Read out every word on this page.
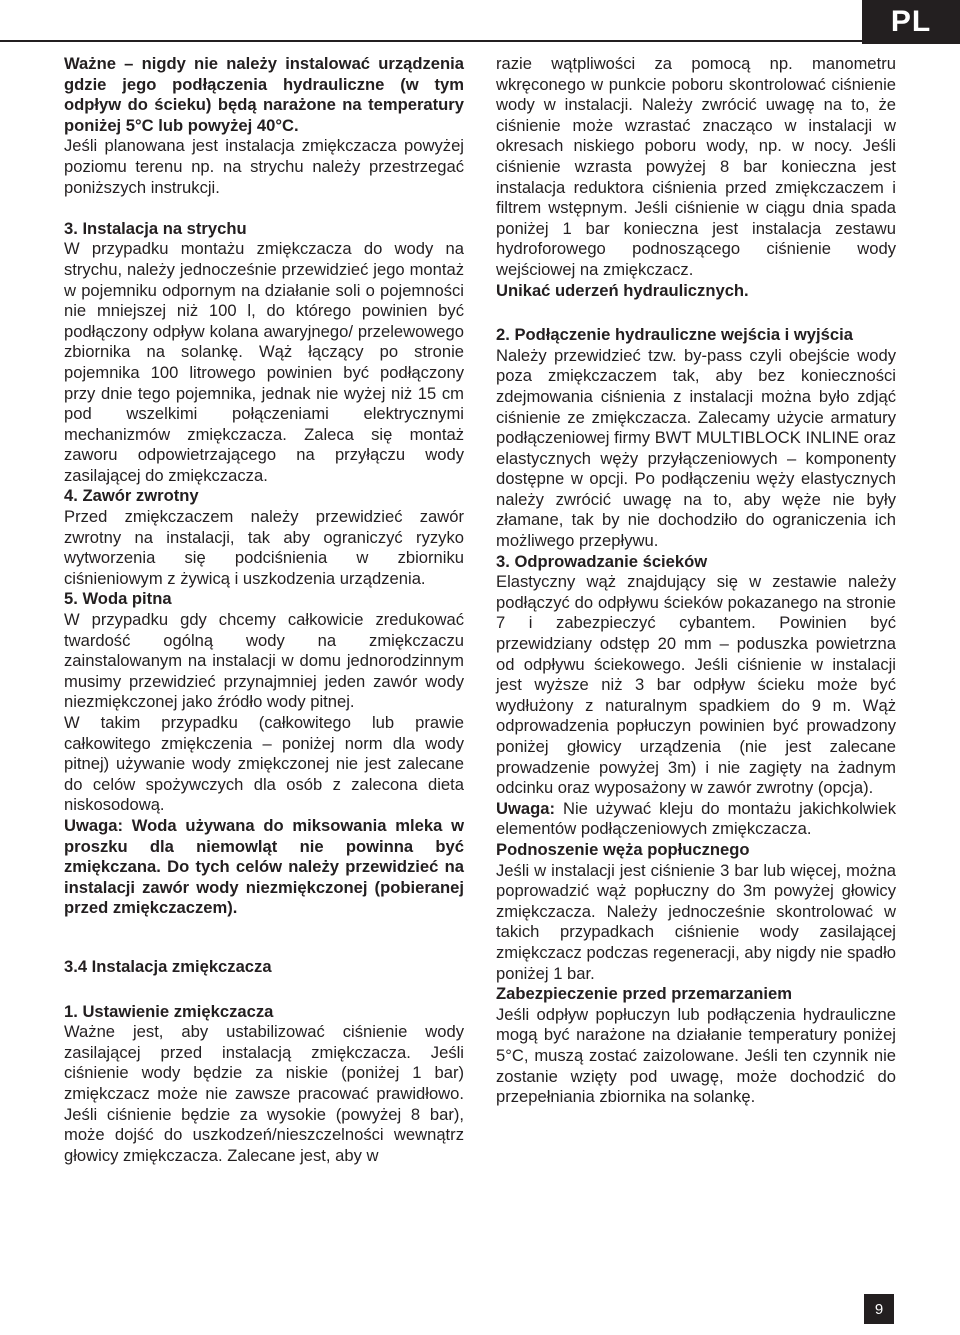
PL

Ważne – nigdy nie należy instalować urządzenia gdzie jego podłączenia hydrauliczne (w tym odpływ do ścieku) będą narażone na temperatury poniżej 5°C lub powyżej 40°C.

Jeśli planowana jest instalacja zmiękczacza powyżej poziomu terenu np. na strychu należy przestrzegać poniższych instrukcji.

3. Instalacja na strychu

W przypadku montażu zmiękczacza do wody na strychu, należy jednocześnie przewidzieć jego montaż w pojemniku odpornym na działanie soli o pojemności nie mniejszej niż 100 l, do którego powinien być podłączony odpływ kolana awaryjnego/ przelewowego zbiornika na solankę. Wąż łączący po stronie pojemnika 100 litrowego powinien być podłączony przy dnie tego pojemnika, jednak nie wyżej niż 15 cm pod wszelkimi połączeniami elektrycznymi mechanizmów zmiękczacza. Zaleca się montaż zaworu odpowietrzającego na przyłączu wody zasilającej do zmiękczacza.

4. Zawór zwrotny

Przed zmiękczaczem należy przewidzieć zawór zwrotny na instalacji, tak aby ograniczyć ryzyko wytworzenia się podciśnienia w zbiorniku ciśnieniowym z żywicą i uszkodzenia urządzenia.

5. Woda pitna

W przypadku gdy chcemy całkowicie zredukować twardość ogólną wody na zmiękczaczu zainstalowanym na instalacji w domu jednorodzinnym musimy przewidzieć przynajmniej jeden zawór wody niezmiękczonej jako źródło wody pitnej.

W takim przypadku (całkowitego lub prawie całkowitego zmiękczenia – poniżej norm dla wody pitnej) używanie wody zmiękczonej nie jest zalecane do celów spożywczych dla osób z zalecona dieta niskosodową.

Uwaga: Woda używana do miksowania mleka w proszku dla niemowląt nie powinna być zmiękczana. Do tych celów należy przewidzieć na instalacji zawór wody niezmiękczonej (pobieranej przed zmiękczaczem).

3.4 Instalacja zmiękczacza

1. Ustawienie zmiękczacza

Ważne jest, aby ustabilizować ciśnienie wody zasilającej przed instalacją zmiękczacza. Jeśli ciśnienie wody będzie za niskie (poniżej 1 bar) zmiękczacz może nie zawsze pracować prawidłowo. Jeśli ciśnienie będzie za wysokie (powyżej 8 bar), może dojść do uszkodzeń/nieszczelności wewnątrz głowicy zmiękczacza. Zalecane jest, aby w

razie wątpliwości za pomocą np. manometru wkręconego w punkcie poboru skontrolować ciśnienie wody w instalacji. Należy zwrócić uwagę na to, że ciśnienie może wzrastać znacząco w instalacji w okresach niskiego poboru wody, np. w nocy. Jeśli ciśnienie wzrasta powyżej 8 bar konieczna jest instalacja reduktora ciśnienia przed zmiękczaczem i filtrem wstępnym. Jeśli ciśnienie w ciągu dnia spada poniżej 1 bar konieczna jest instalacja zestawu hydroforowego podnoszącego ciśnienie wody wejściowej na zmiękczacz.

Unikać uderzeń hydraulicznych.

2. Podłączenie hydrauliczne wejścia i wyjścia

Należy przewidzieć tzw. by-pass czyli obejście wody poza zmiękczaczem tak, aby bez konieczności zdejmowania ciśnienia z instalacji można było zdjąć ciśnienie ze zmiękczacza. Zalecamy użycie armatury podłączeniowej firmy BWT MULTIBLOCK INLINE oraz elastycznych węży przyłączeniowych – komponenty dostępne w opcji. Po podłączeniu węży elastycznych należy zwrócić uwagę na to, aby węże nie były złamane, tak by nie dochodziło do ograniczenia ich możliwego przepływu.

3. Odprowadzanie ścieków

Elastyczny wąż znajdujący się w zestawie należy podłączyć do odpływu ścieków pokazanego na stronie 7 i zabezpieczyć cybantem. Powinien być przewidziany odstęp 20 mm – poduszka powietrzna od odpływu ściekowego. Jeśli ciśnienie w instalacji jest wyższe niż 3 bar odpływ ścieku może być wydłużony z naturalnym spadkiem do 9 m. Wąż odprowadzenia popłuczyn powinien być prowadzony poniżej głowicy urządzenia (nie jest zalecane prowadzenie powyżej 3m) i nie zagięty na żadnym odcinku oraz wyposażony w zawór zwrotny (opcja).

Uwaga: Nie używać kleju do montażu jakichkolwiek elementów podłączeniowych zmiękczacza.

Podnoszenie węża popłucznego

Jeśli w instalacji jest ciśnienie 3 bar lub więcej, można poprowadzić wąż popłuczny do 3m powyżej głowicy zmiękczacza. Należy jednocześnie skontrolować w takich przypadkach ciśnienie wody zasilającej zmiękczacz podczas regeneracji, aby nigdy nie spadło poniżej 1 bar.

Zabezpieczenie przed przemarzaniem

Jeśli odpływ popłuczyn lub podłączenia hydrauliczne mogą być narażone na działanie temperatury poniżej 5°C, muszą zostać zaizolowane. Jeśli ten czynnik nie zostanie wzięty pod uwagę, może dochodzić do przepełniania zbiornika na solankę.

9
